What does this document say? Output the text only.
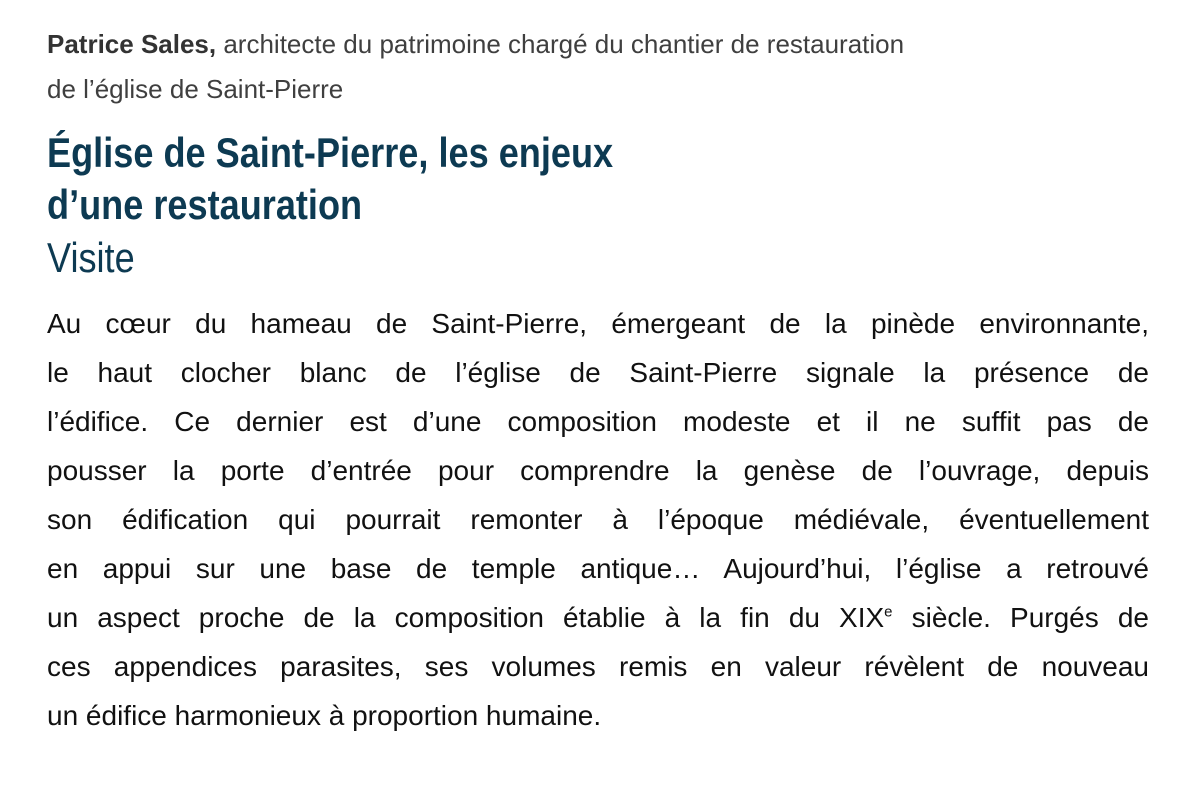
Patrice Sales, architecte du patrimoine chargé du chantier de restauration
de l’église de Saint-Pierre

Église de Saint-Pierre, les enjeux
d’une restauration

Visite

Au cœur du hameau de Saint-Pierre, émergeant de la pinède environnante,
le haut clocher blanc de l’église de Saint-Pierre signale la présence de
l’édifice. Ce dernier est d’une composition modeste et il ne suffit pas de
pousser la porte d’entrée pour comprendre la genèse de l’ouvrage, depuis
son édification qui pourrait remonter à l’époque médiévale, éventuellement
en appui sur une base de temple antique… Aujourd’hui, l’église a retrouvé
un aspect proche de la composition établie à la fin du XIXe siècle. Purgés de
ces appendices parasites, ses volumes remis en valeur révèlent de nouveau
un édifice harmonieux à proportion humaine.
